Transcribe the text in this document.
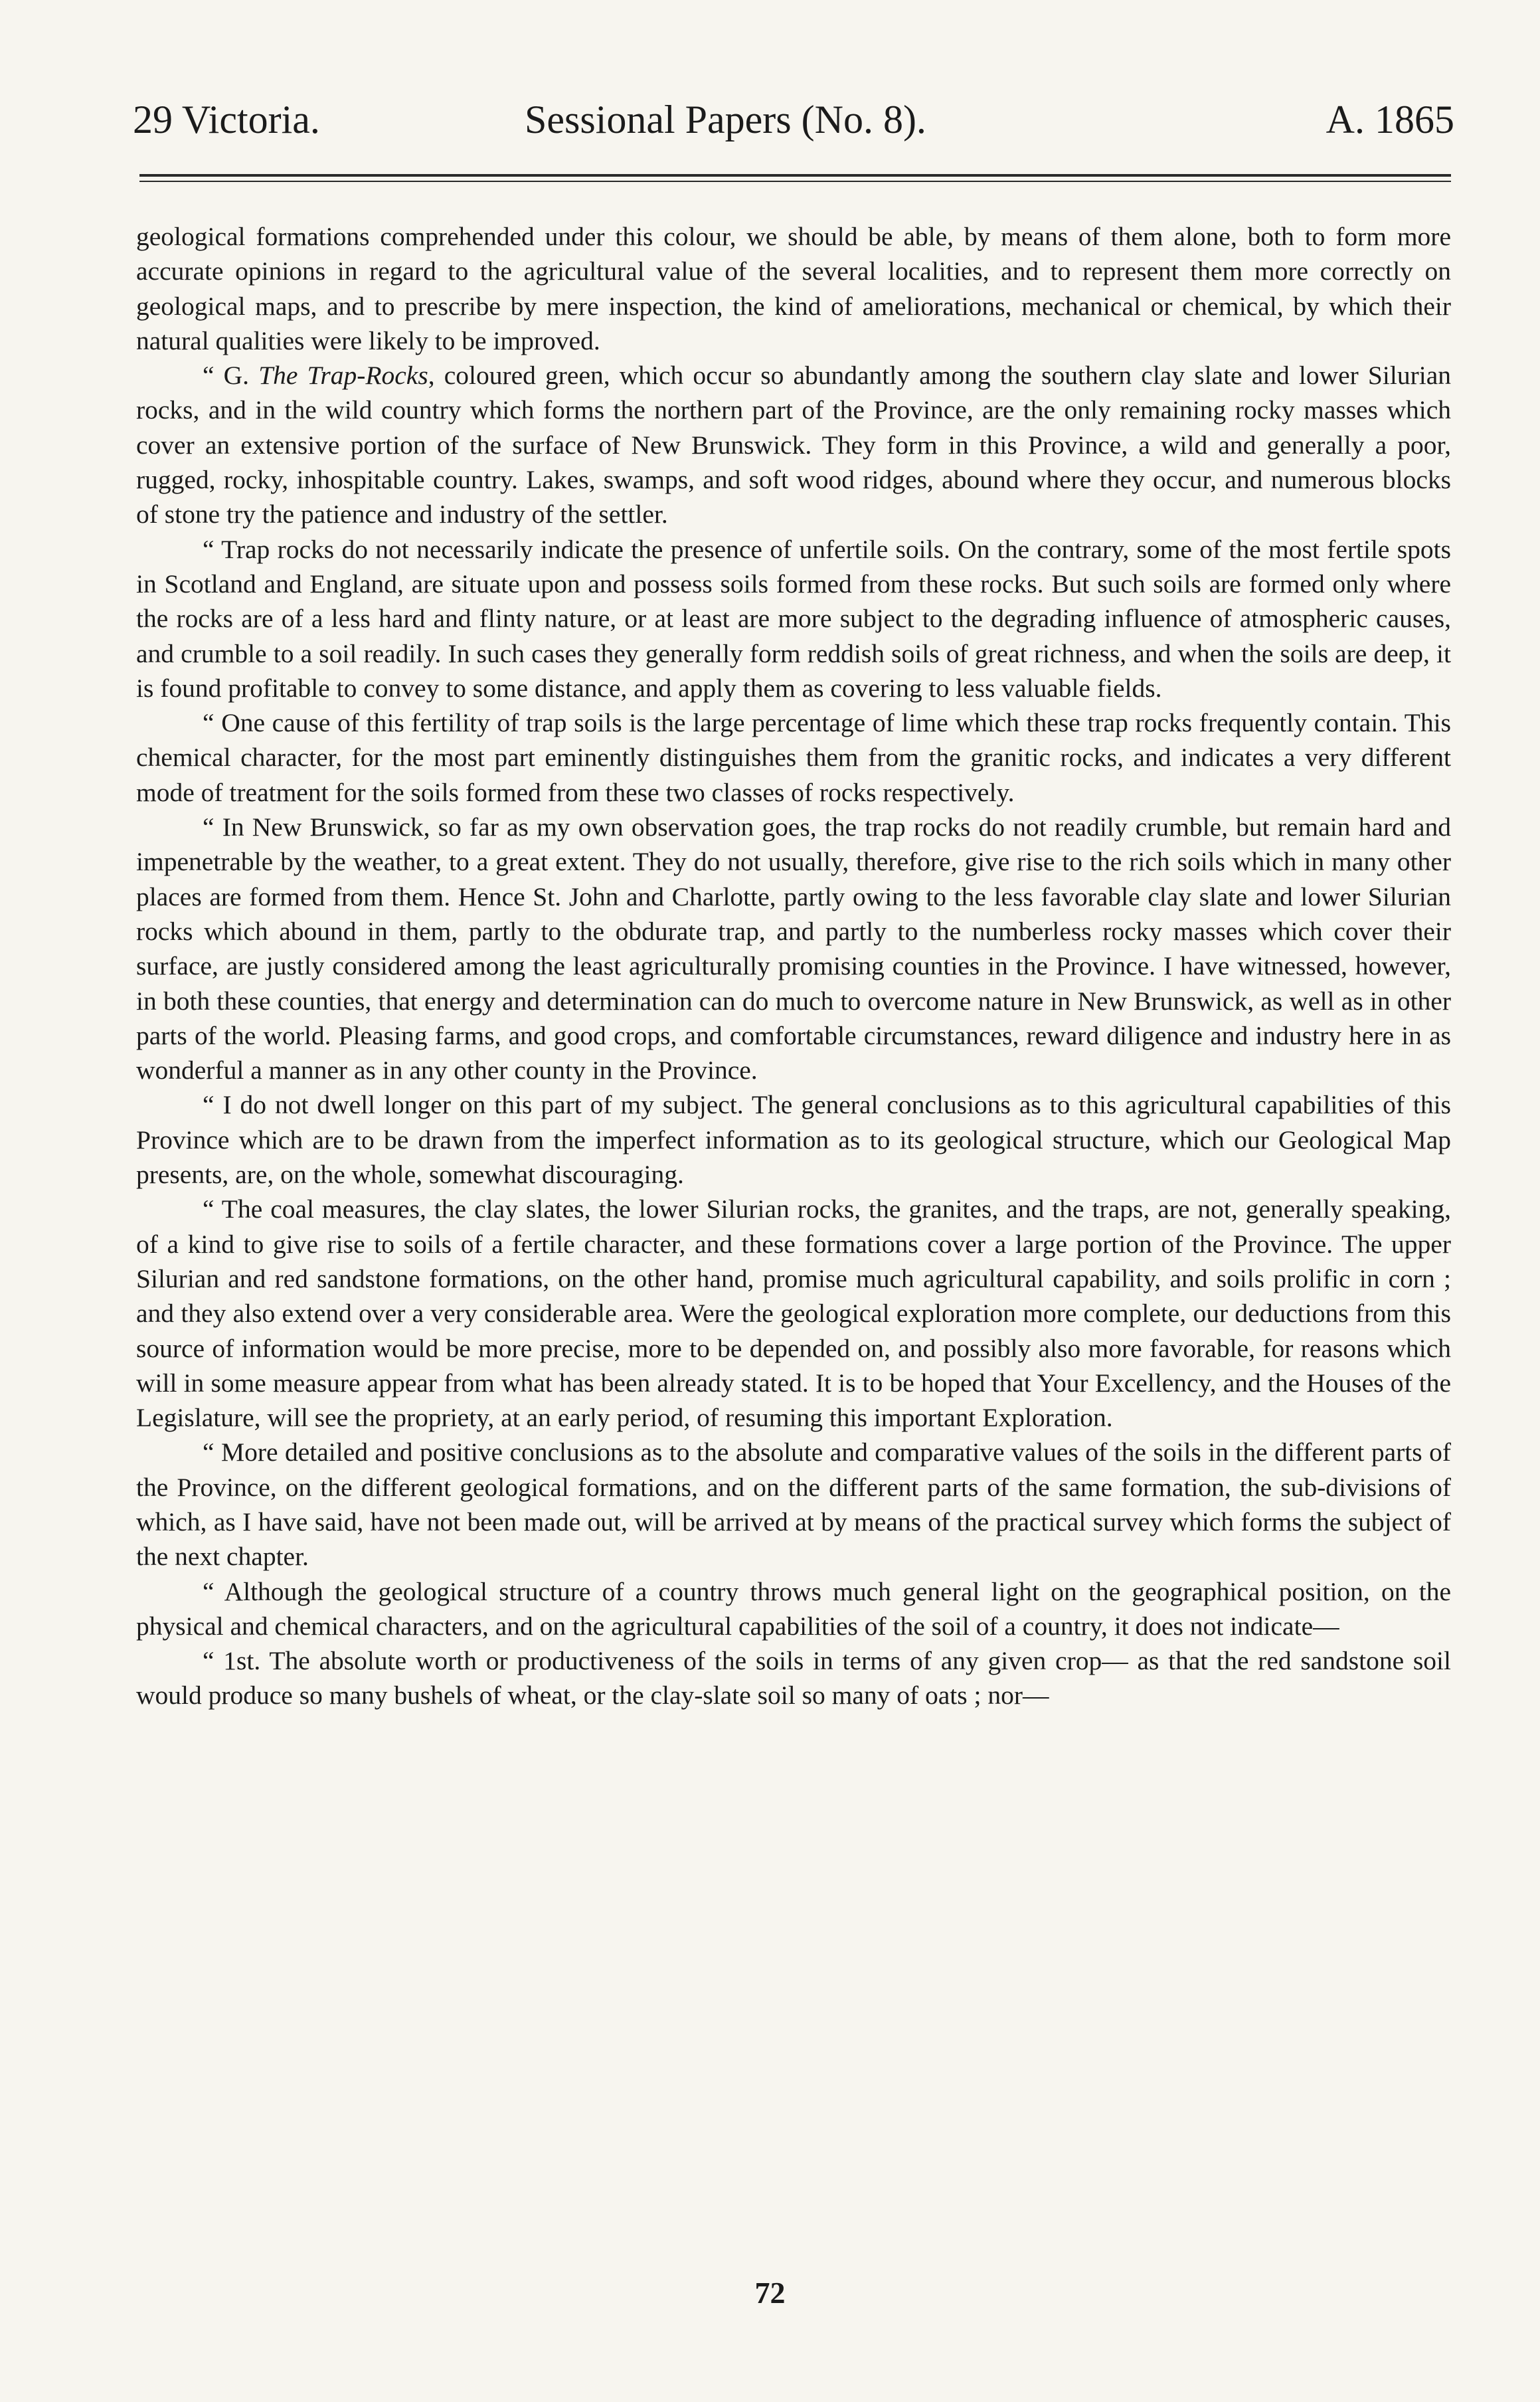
29 Victoria.	Sessional Papers (No. 8).	A. 1865

geological formations comprehended under this colour, we should be able, by means of them alone, both to form more accurate opinions in regard to the agricultural value of the several localities, and to represent them more correctly on geological maps, and to prescribe by mere inspection, the kind of ameliorations, mechanical or chemical, by which their natural qualities were likely to be improved.

“ G. The Trap-Rocks, coloured green, which occur so abundantly among the southern clay slate and lower Silurian rocks, and in the wild country which forms the northern part of the Province, are the only remaining rocky masses which cover an extensive portion of the surface of New Brunswick. They form in this Province, a wild and generally a poor, rugged, rocky, inhospitable country. Lakes, swamps, and soft wood ridges, abound where they occur, and numerous blocks of stone try the patience and industry of the settler.

“ Trap rocks do not necessarily indicate the presence of unfertile soils. On the contrary, some of the most fertile spots in Scotland and England, are situate upon and possess soils formed from these rocks. But such soils are formed only where the rocks are of a less hard and flinty nature, or at least are more subject to the degrading influence of atmospheric causes, and crumble to a soil readily. In such cases they generally form reddish soils of great richness, and when the soils are deep, it is found profitable to convey to some distance, and apply them as covering to less valuable fields.

“ One cause of this fertility of trap soils is the large percentage of lime which these trap rocks frequently contain. This chemical character, for the most part eminently distinguishes them from the granitic rocks, and indicates a very different mode of treatment for the soils formed from these two classes of rocks respectively.

“ In New Brunswick, so far as my own observation goes, the trap rocks do not readily crumble, but remain hard and impenetrable by the weather, to a great extent. They do not usually, therefore, give rise to the rich soils which in many other places are formed from them. Hence St. John and Charlotte, partly owing to the less favorable clay slate and lower Silurian rocks which abound in them, partly to the obdurate trap, and partly to the numberless rocky masses which cover their surface, are justly considered among the least agriculturally promising counties in the Province. I have witnessed, however, in both these counties, that energy and determination can do much to overcome nature in New Brunswick, as well as in other parts of the world. Pleasing farms, and good crops, and comfortable circumstances, reward diligence and industry here in as wonderful a manner as in any other county in the Province.

“ I do not dwell longer on this part of my subject. The general conclusions as to this agricultural capabilities of this Province which are to be drawn from the imperfect information as to its geological structure, which our Geological Map presents, are, on the whole, somewhat discouraging.

“ The coal measures, the clay slates, the lower Silurian rocks, the granites, and the traps, are not, generally speaking, of a kind to give rise to soils of a fertile character, and these formations cover a large portion of the Province. The upper Silurian and red sandstone formations, on the other hand, promise much agricultural capability, and soils prolific in corn ; and they also extend over a very considerable area. Were the geological exploration more complete, our deductions from this source of information would be more precise, more to be depended on, and possibly also more favorable, for reasons which will in some measure appear from what has been already stated. It is to be hoped that Your Excellency, and the Houses of the Legislature, will see the propriety, at an early period, of resuming this important Exploration.

“ More detailed and positive conclusions as to the absolute and comparative values of the soils in the different parts of the Province, on the different geological formations, and on the different parts of the same formation, the sub-divisions of which, as I have said, have not been made out, will be arrived at by means of the practical survey which forms the subject of the next chapter.

“ Although the geological structure of a country throws much general light on the geographical position, on the physical and chemical characters, and on the agricultural capabilities of the soil of a country, it does not indicate—

“ 1st. The absolute worth or productiveness of the soils in terms of any given crop— as that the red sandstone soil would produce so many bushels of wheat, or the clay-slate soil so many of oats ; nor—

72
